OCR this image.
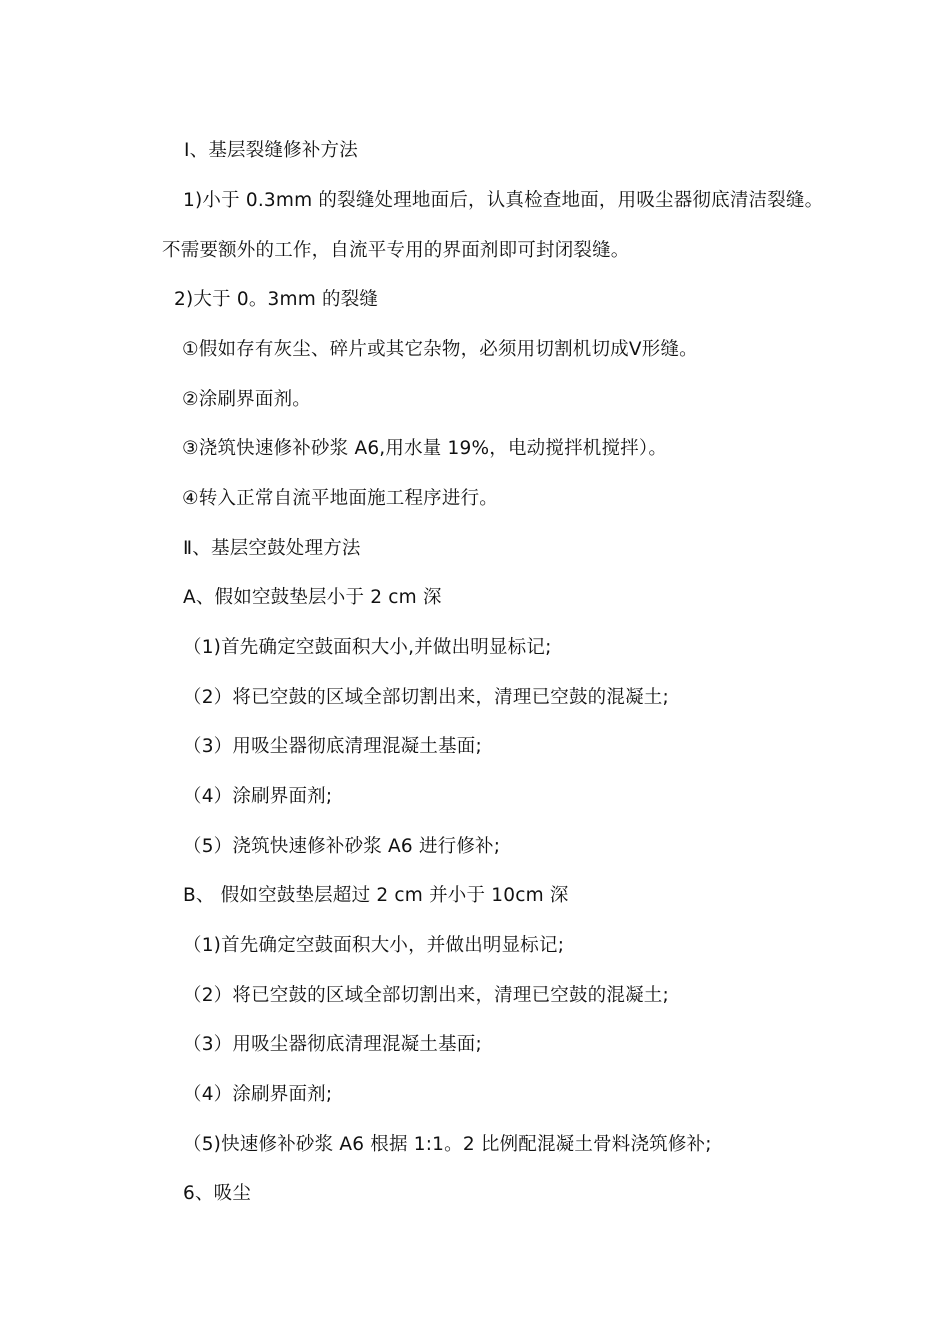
Ⅰ、基层裂缝修补方法
1)小于 0.3mm 的裂缝处理地面后，认真检查地面，用吸尘器彻底清洁裂缝。
不需要额外的工作，自流平专用的界面剂即可封闭裂缝。
2)大于 0。3mm 的裂缝
①假如存有灰尘、碎片或其它杂物，必须用切割机切成Ⅴ形缝。
②涂刷界面剂。
③浇筑快速修补砂浆 A6,用水量 19%，电动搅拌机搅拌）。
④转入正常自流平地面施工程序进行。
Ⅱ、基层空鼓处理方法
A、假如空鼓垫层小于 2 cm 深
（1)首先确定空鼓面积大小,并做出明显标记;
（2）将已空鼓的区域全部切割出来，清理已空鼓的混凝土;
（3）用吸尘器彻底清理混凝土基面;
（4）涂刷界面剂;
（5）浇筑快速修补砂浆 A6 进行修补;
B、 假如空鼓垫层超过 2 cm 并小于 10cm 深
（1)首先确定空鼓面积大小，并做出明显标记;
（2）将已空鼓的区域全部切割出来，清理已空鼓的混凝土;
（3）用吸尘器彻底清理混凝土基面;
（4）涂刷界面剂;
（5)快速修补砂浆 A6 根据 1:1。2 比例配混凝土骨料浇筑修补;
6、吸尘
